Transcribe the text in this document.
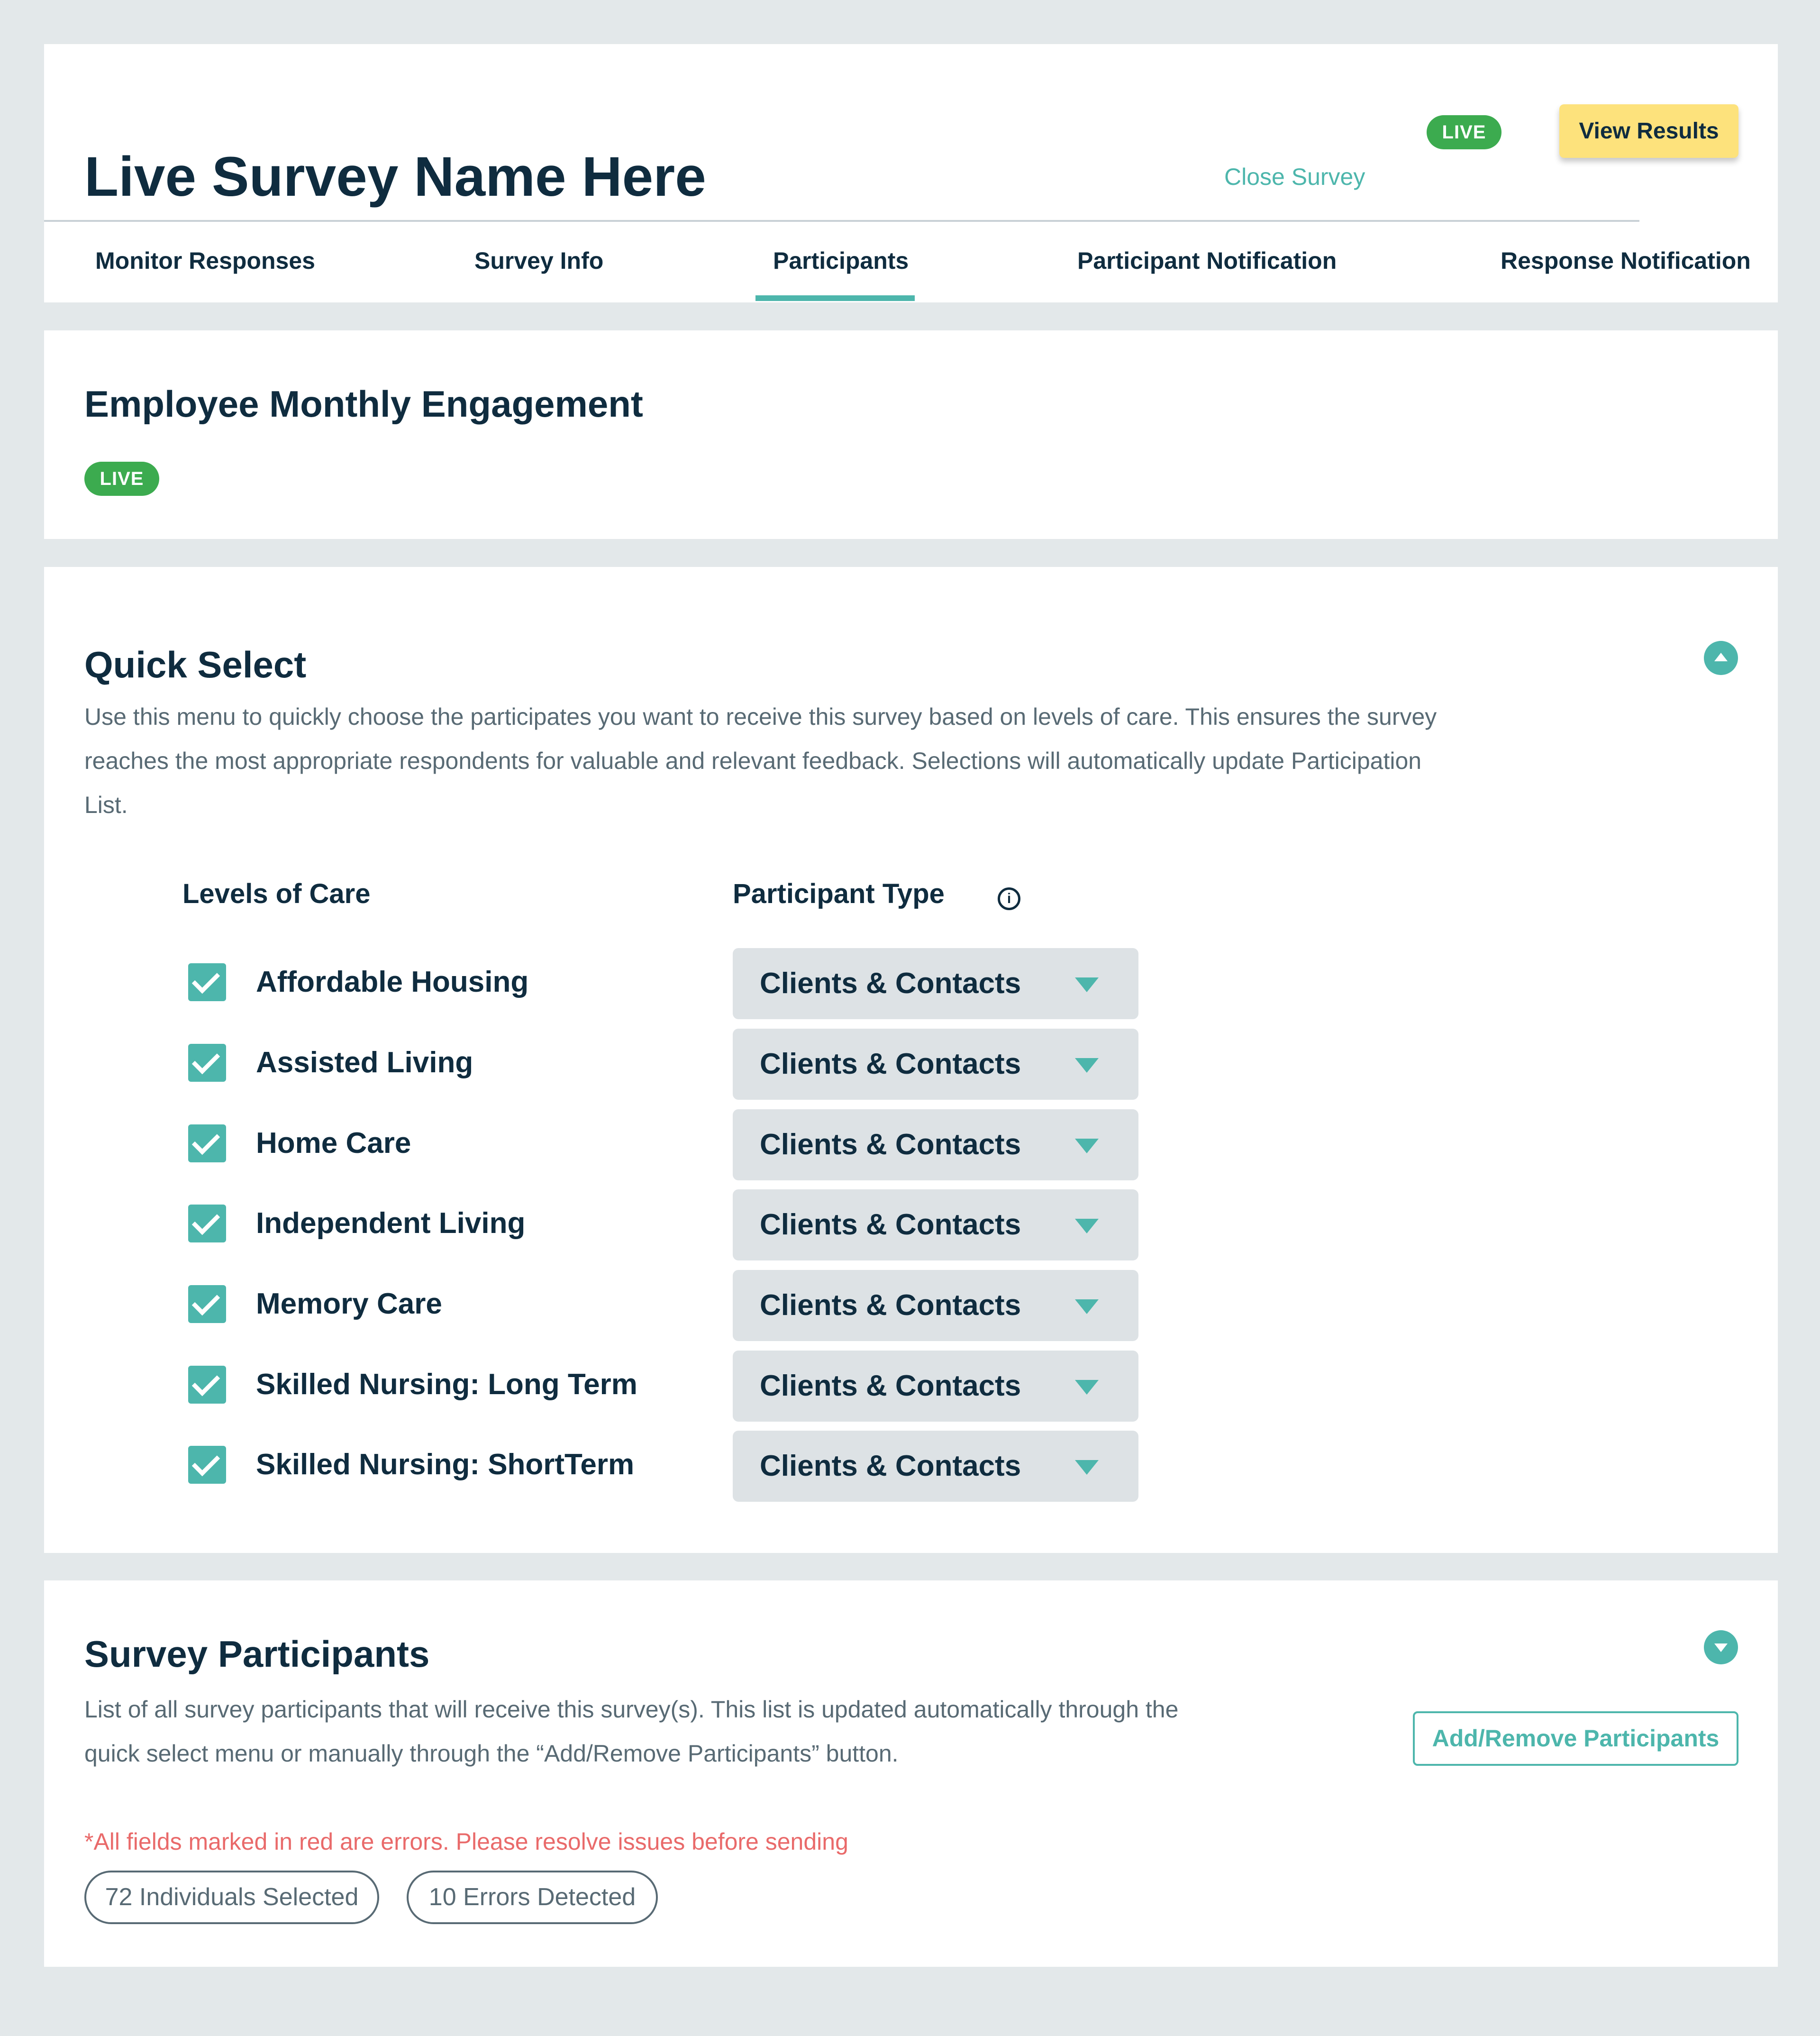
Live Survey Name Here	Close Survey
LIVE	View Results
Monitor Responses	Survey Info	Participants	Participant Notification	Response Notification
Employee Monthly Engagement
LIVE
Quick Select
Use this menu to quickly choose the participates you want to receive this survey based on levels of care. This ensures the survey reaches the most appropriate respondents for valuable and relevant feedback. Selections will automatically update Participation List.
Levels of Care	Participant Type	i
Affordable Housing	Clients & Contacts
Assisted Living	Clients & Contacts
Home Care	Clients & Contacts
Independent Living	Clients & Contacts
Memory Care	Clients & Contacts
Skilled Nursing: Long Term	Clients & Contacts
Skilled Nursing: ShortTerm	Clients & Contacts
Survey Participants
List of all survey participants that will receive this survey(s). This list is updated automatically through the quick select menu or manually through the “Add/Remove Participants” button.
*All fields marked in red are errors. Please resolve issues before sending
Add/Remove Participants
72 Individuals Selected	10 Errors Detected
